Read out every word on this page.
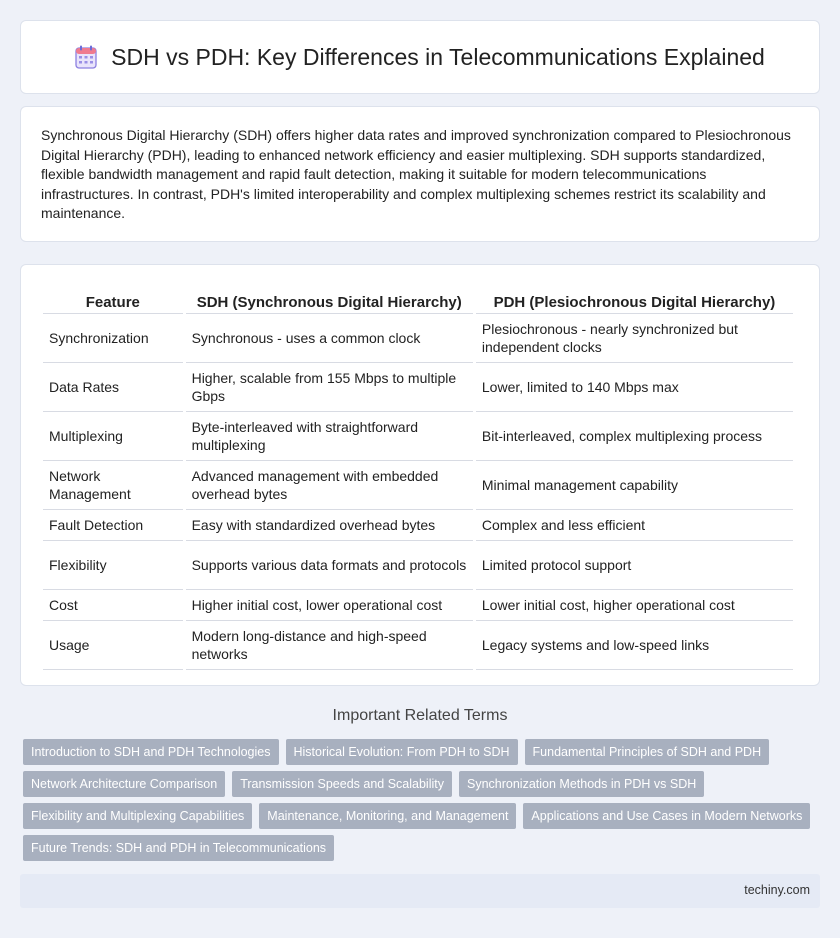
SDH vs PDH: Key Differences in Telecommunications Explained

Synchronous Digital Hierarchy (SDH) offers higher data rates and improved synchronization compared to Plesiochronous Digital Hierarchy (PDH), leading to enhanced network efficiency and easier multiplexing. SDH supports standardized, flexible bandwidth management and rapid fault detection, making it suitable for modern telecommunications infrastructures. In contrast, PDH's limited interoperability and complex multiplexing schemes restrict its scalability and maintenance.

Feature	SDH (Synchronous Digital Hierarchy)	PDH (Plesiochronous Digital Hierarchy)
Synchronization	Synchronous - uses a common clock	Plesiochronous - nearly synchronized but independent clocks
Data Rates	Higher, scalable from 155 Mbps to multiple Gbps	Lower, limited to 140 Mbps max
Multiplexing	Byte-interleaved with straightforward multiplexing	Bit-interleaved, complex multiplexing process
Network Management	Advanced management with embedded overhead bytes	Minimal management capability
Fault Detection	Easy with standardized overhead bytes	Complex and less efficient
Flexibility	Supports various data formats and protocols	Limited protocol support
Cost	Higher initial cost, lower operational cost	Lower initial cost, higher operational cost
Usage	Modern long-distance and high-speed networks	Legacy systems and low-speed links
Important Related Terms
Introduction to SDH and PDH Technologies	Historical Evolution: From PDH to SDH	Fundamental Principles of SDH and PDH
Network Architecture Comparison	Transmission Speeds and Scalability	Synchronization Methods in PDH vs SDH
Flexibility and Multiplexing Capabilities	Maintenance, Monitoring, and Management	Applications and Use Cases in Modern Networks
Future Trends: SDH and PDH in Telecommunications
techiny.com
